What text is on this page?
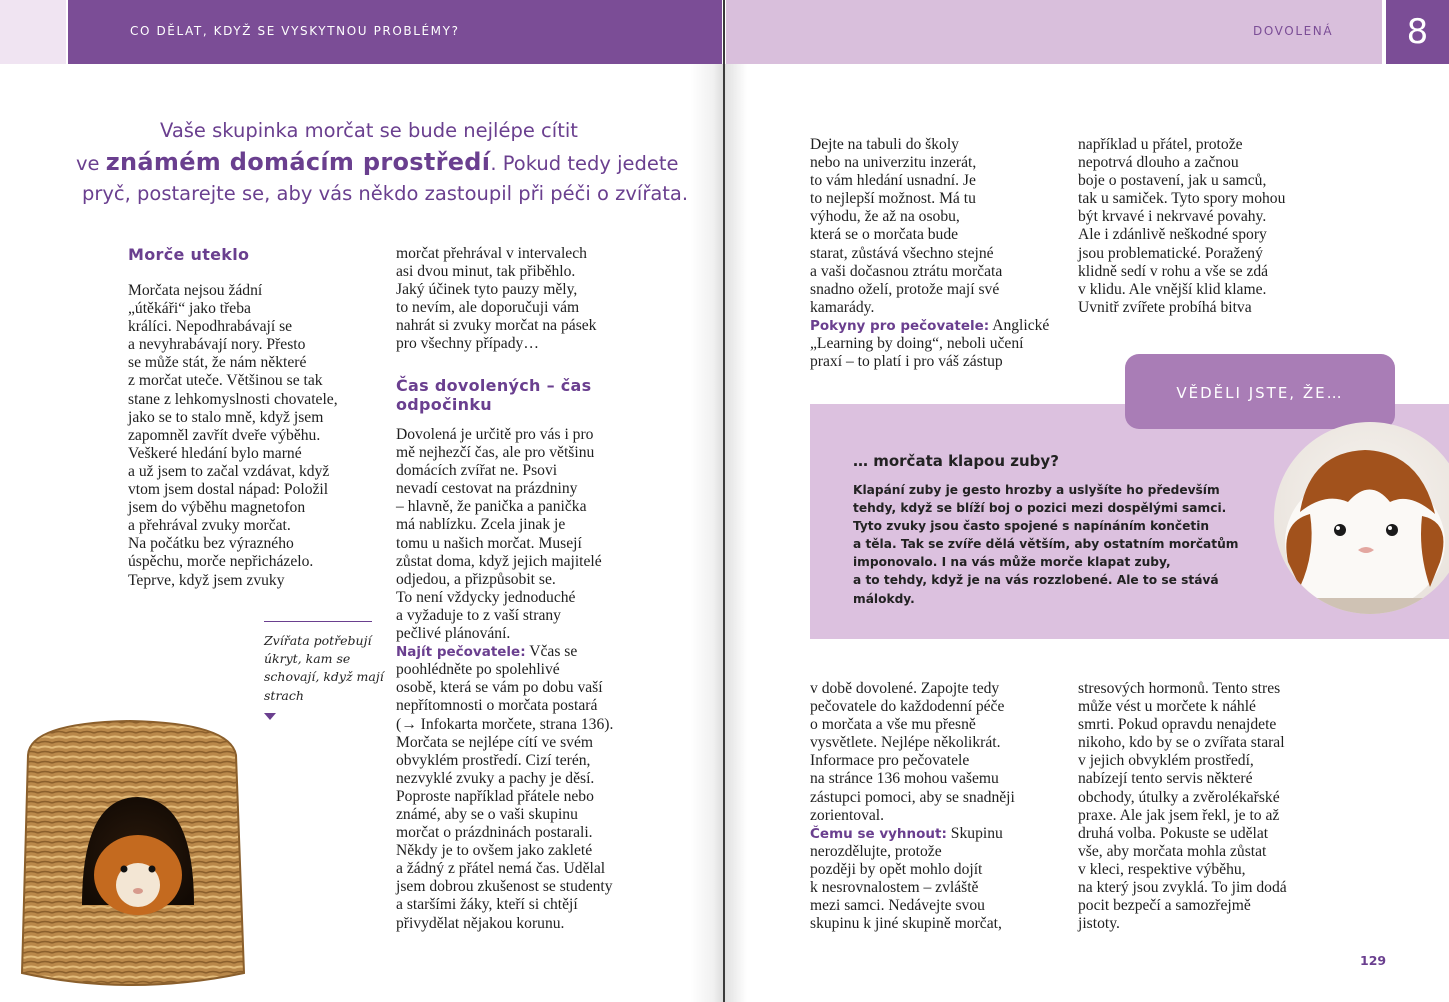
CO DĚLAT, KDYŽ SE VYSKYTNOU PROBLÉMY?	DOVOLENÁ	8
Vaše skupinka morčat se bude nejlépe cítit
ve známém domácím prostředí. Pokud tedy jedete
pryč, postarejte se, aby vás někdo zastoupil při péči o zvířata.
Morče uteklo
Morčata nejsou žádní
„útěkáři“ jako třeba
králíci. Nepodhrabávají se
a nevyhrabávají nory. Přesto
se může stát, že nám některé
z morčat uteče. Většinou se tak
stane z lehkomyslnosti chovatele,
jako se to stalo mně, když jsem
zapomněl zavřít dveře výběhu.
Veškeré hledání bylo marné
a už jsem to začal vzdávat, když
vtom jsem dostal nápad: Položil
jsem do výběhu magnetofon
a přehrával zvuky morčat.
Na počátku bez výrazného
úspěchu, morče nepřicházelo.
Teprve, když jsem zvuky
Zvířata potřebují
úkryt, kam se
schovají, když mají
strach
morčat přehrával v intervalech
asi dvou minut, tak přiběhlo.
Jaký účinek tyto pauzy měly,
to nevím, ale doporučuji vám
nahrát si zvuky morčat na pásek
pro všechny případy…
Čas dovolených – čas
odpočinku
Dovolená je určitě pro vás i pro
mě nejhezčí čas, ale pro většinu
domácích zvířat ne. Psovi
nevadí cestovat na prázdniny
– hlavně, že panička a panička
má nablízku. Zcela jinak je
tomu u našich morčat. Musejí
zůstat doma, když jejich majitelé
odjedou, a přizpůsobit se.
To není vždycky jednoduché
a vyžaduje to z vaší strany
pečlivé plánování.
Najít pečovatele: Včas se
poohlédněte po spolehlivé
osobě, která se vám po dobu vaší
nepřítomnosti o morčata postará
(→ Infokarta morčete, strana 136).
Morčata se nejlépe cítí ve svém
obvyklém prostředí. Cizí terén,
nezvyklé zvuky a pachy je děsí.
Poproste například přátele nebo
známé, aby se o vaši skupinu
morčat o prázdninách postarali.
Někdy je to ovšem jako zakleté
a žádný z přátel nemá čas. Udělal
jsem dobrou zkušenost se studenty
a staršími žáky, kteří si chtějí
přivydělat nějakou korunu.
Dejte na tabuli do školy
nebo na univerzitu inzerát,
to vám hledání usnadní. Je
to nejlepší možnost. Má tu
výhodu, že až na osobu,
která se o morčata bude
starat, zůstává všechno stejné
a vaši dočasnou ztrátu morčata
snadno oželí, protože mají své
kamarády.
Pokyny pro pečovatele: Anglické
„Learning by doing“, neboli učení
praxí – to platí i pro váš zástup
například u přátel, protože
nepotrvá dlouho a začnou
boje o postavení, jak u samců,
tak u samiček. Tyto spory mohou
být krvavé i nekrvavé povahy.
Ale i zdánlivě neškodné spory
jsou problematické. Poražený
klidně sedí v rohu a vše se zdá
v klidu. Ale vnější klid klame.
Uvnitř zvířete probíhá bitva
VĚDĚLI JSTE, ŽE…
… morčata klapou zuby?
Klapání zuby je gesto hrozby a uslyšíte ho především
tehdy, když se blíží boj o pozici mezi dospělými samci.
Tyto zvuky jsou často spojené s napínáním končetin
a těla. Tak se zvíře dělá větším, aby ostatním morčatům
imponovalo. I na vás může morče klapat zuby,
a to tehdy, když je na vás rozzlobené. Ale to se stává
málokdy.
v době dovolené. Zapojte tedy
pečovatele do každodenní péče
o morčata a vše mu přesně
vysvětlete. Nejlépe několikrát.
Informace pro pečovatele
na stránce 136 mohou vašemu
zástupci pomoci, aby se snadněji
zorientoval.
Čemu se vyhnout: Skupinu
nerozdělujte, protože
později by opět mohlo dojít
k nesrovnalostem – zvláště
mezi samci. Nedávejte svou
skupinu k jiné skupině morčat,
stresových hormonů. Tento stres
může vést u morčete k náhlé
smrti. Pokud opravdu nenajdete
nikoho, kdo by se o zvířata staral
v jejich obvyklém prostředí,
nabízejí tento servis některé
obchody, útulky a zvěrolékařské
praxe. Ale jak jsem řekl, je to až
druhá volba. Pokuste se udělat
vše, aby morčata mohla zůstat
v kleci, respektive výběhu,
na který jsou zvyklá. To jim dodá
pocit bezpečí a samozřejmě
jistoty.
129
